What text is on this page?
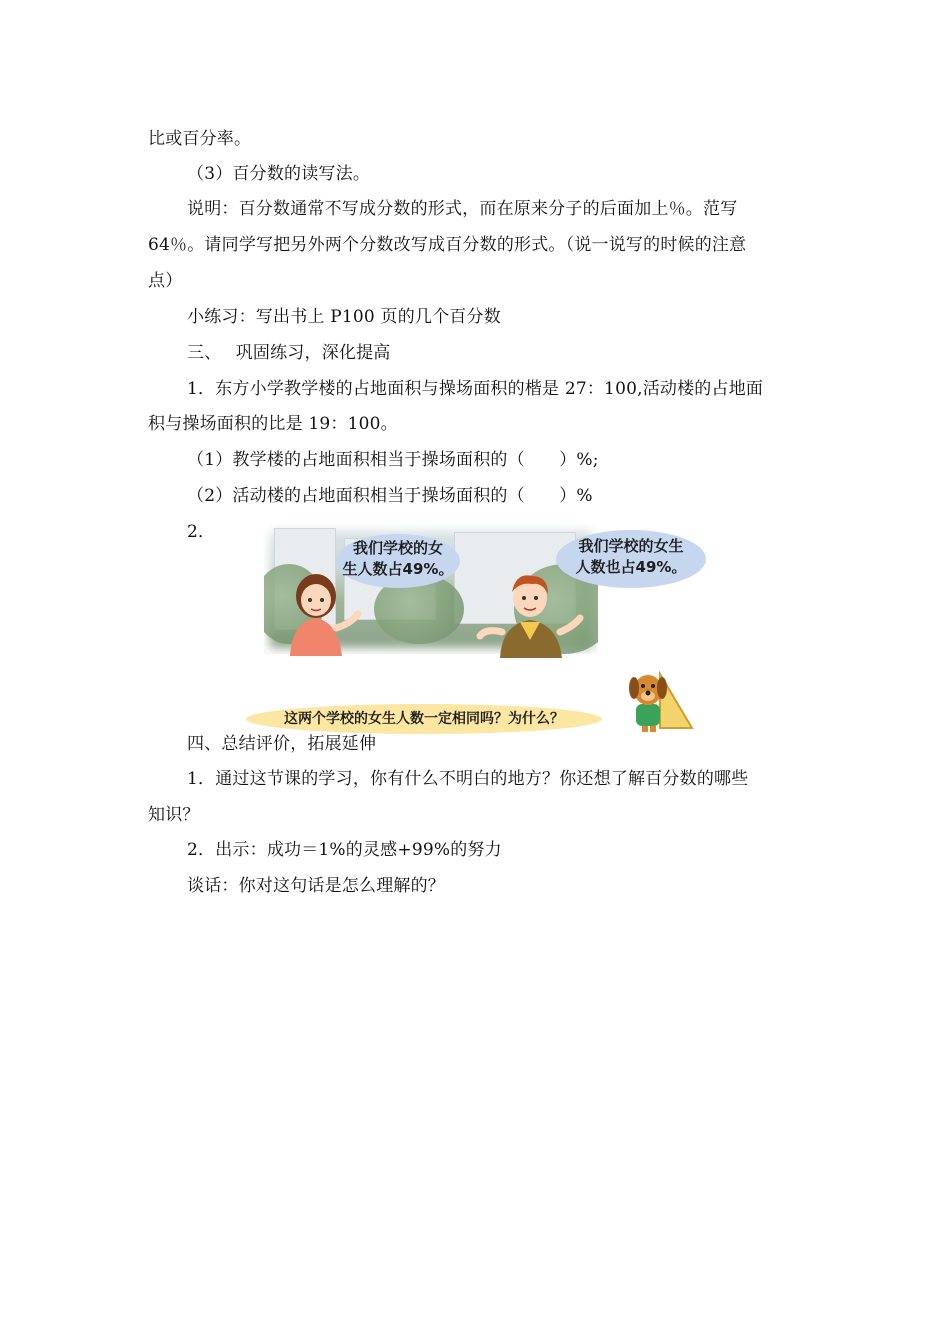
比或百分率。
（3）百分数的读写法。
说明：百分数通常不写成分数的形式，而在原来分子的后面加上％。范写
64％。请同学写把另外两个分数改写成百分数的形式。（说一说写的时候的注意
点）
小练习：写出书上 P100 页的几个百分数
三、　 巩固练习，深化提高
1．东方小学教学楼的占地面积与操场面积的楷是 27：100,活动楼的占地面
积与操场面积的比是 19：100。
（1）教学楼的占地面积相当于操场面积的（　　）%;
（2）活动楼的占地面积相当于操场面积的（　　）%
2．
我们学校的女
生人数占49%。
我们学校的女生
人数也占49%。
这两个学校的女生人数一定相同吗？为什么？
四、总结评价，拓展延伸
1．通过这节课的学习，你有什么不明白的地方？你还想了解百分数的哪些
知识？
2．出示：成功＝1%的灵感+99%的努力
谈话：你对这句话是怎么理解的？
